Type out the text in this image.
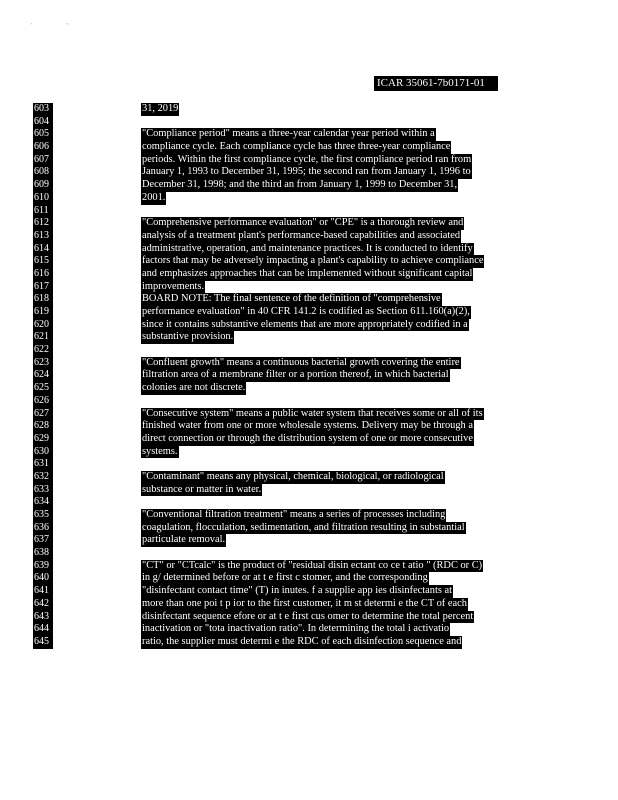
'	"
ICAR 35061-7b0171-01
603
604
605
606
607
608
609
610
611
612
613
614
615
616
617
618
619
620
621
622
623
624
625
626
627
628
629
630
631
632
633
634
635
636
637
638
639
640
641
642
643
644
645
31, 2019
"Compliance period" means a three-year calendar year period within a
compliance cycle. Each compliance cycle has three three-year compliance
periods. Within the first compliance cycle, the first compliance period ran from
January 1, 1993 to December 31, 1995; the second ran from January 1, 1996 to
December 31, 1998; and the third an from January 1, 1999 to December 31,
2001.
"Comprehensive performance evaluation" or "CPE" is a thorough review and
analysis of a treatment plant's performance-based capabilities and associated
administrative, operation, and maintenance practices. It is conducted to identify
factors that may be adversely impacting a plant's capability to achieve compliance
and emphasizes approaches that can be implemented without significant capital
improvements.
BOARD NOTE: The final sentence of the definition of "comprehensive
performance evaluation" in 40 CFR 141.2 is codified as Section 611.160(a)(2),
since it contains substantive elements that are more appropriately codified in a
substantive provision.
"Confluent growth" means a continuous bacterial growth covering the entire
filtration area of a membrane filter or a portion thereof, in which bacterial
colonies are not discrete.
"Consecutive system" means a public water system that receives some or all of its
finished water from one or more wholesale systems. Delivery may be through a
direct connection or through the distribution system of one or more consecutive
systems.
"Contaminant" means any physical, chemical, biological, or radiological
substance or matter in water.
"Conventional filtration treatment" means a series of processes including
coagulation, flocculation, sedimentation, and filtration resulting in substantial
particulate removal.
"CT" or "CTcalc" is the product of "residual disin ectant co ce t atio " (RDC or C)
in g/ determined before or at t e first c stomer, and the corresponding
"disinfectant contact time" (T) in inutes. f a supplie app ies disinfectants at
more than one poi t p ior to the first customer, it m st determi e the CT of each
disinfectant sequence efore or at t e first cus omer to determine the total percent
inactivation or "tota inactivation ratio". In determining the total i activatio
ratio, the supplier must determi e the RDC of each disinfection sequence and
